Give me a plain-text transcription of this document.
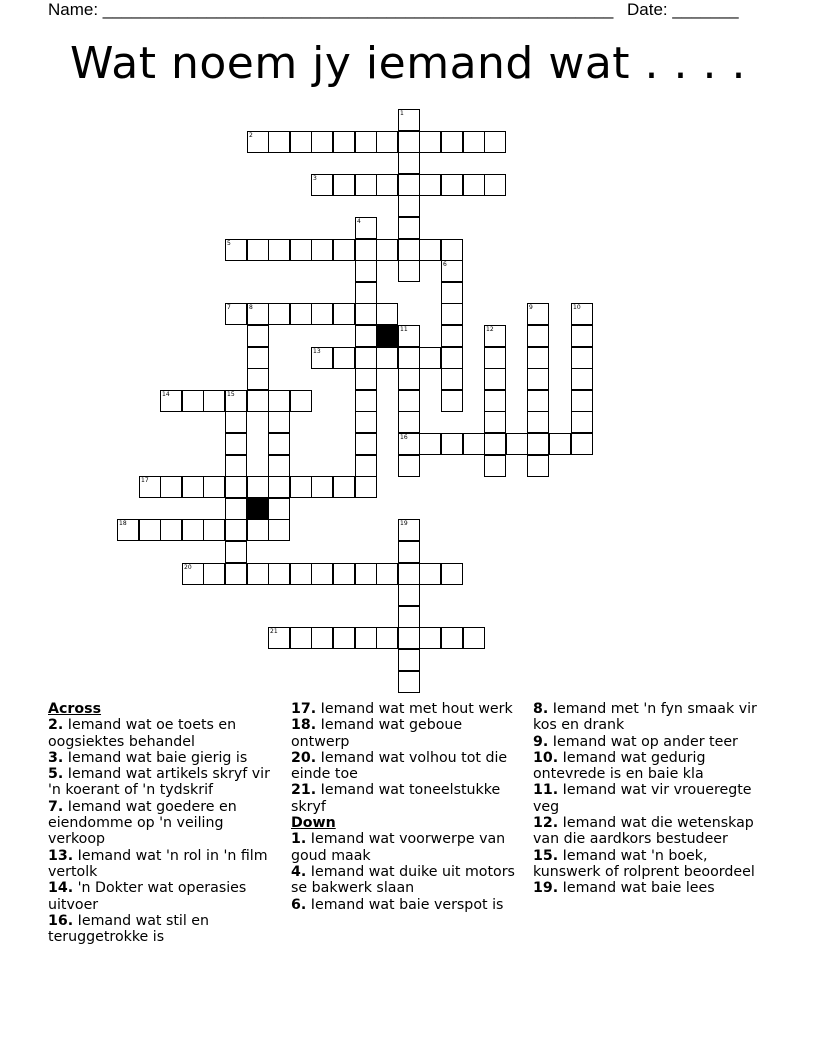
Name: ______________________________________________________ Date: _______
Wat noem jy iemand wat . . . .
1
2
3
4
5
6
7	8	9	10
11	12
13
14	15
16
17
18	19
20
21
Across
2. Iemand wat oe toets en oogsiektes behandel
3. Iemand wat baie gierig is
5. Iemand wat artikels skryf vir 'n koerant of 'n tydskrif
7. Iemand wat goedere en eiendomme op 'n veiling verkoop
13. Iemand wat 'n rol in 'n film vertolk
14. 'n Dokter wat operasies uitvoer
16. Iemand wat stil en teruggetrokke is
17. Iemand wat met hout werk
18. Iemand wat geboue ontwerp
20. Iemand wat volhou tot die einde toe
21. Iemand wat toneelstukke skryf
Down
1. Iemand wat voorwerpe van goud maak
4. Iemand wat duike uit motors se bakwerk slaan
6. Iemand wat baie verspot is
8. Iemand met 'n fyn smaak vir kos en drank
9. Iemand wat op ander teer
10. Iemand wat gedurig ontevrede is en baie kla
11. Iemand wat vir vroueregte veg
12. Iemand wat die wetenskap van die aardkors bestudeer
15. Iemand wat 'n boek, kunswerk of rolprent beoordeel
19. Iemand wat baie lees
